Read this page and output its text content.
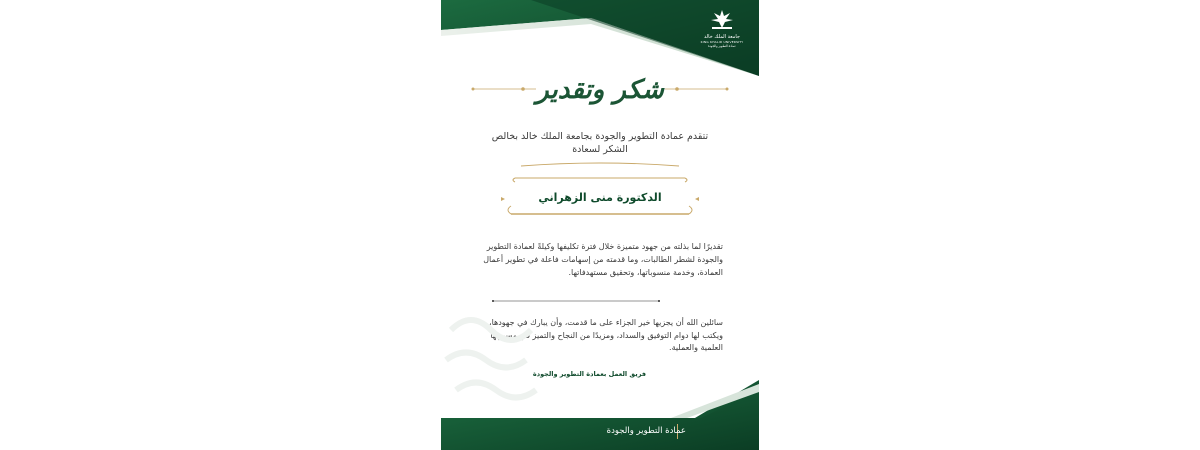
جامعة الملك خالد
KING KHALID UNIVERSITY
عمادة التطوير والجودة
شكر وتقدير
تتقدم عمادة التطوير والجودة بجامعة الملك خالد بخالص الشكر لسعادة
الدكتورة منى الزهراني
تقديرًا لما بذلته من جهود متميزة خلال فترة تكليفها وكيلةً لعمادة التطوير والجودة لشطر الطالبات، وما قدمته من إسهامات فاعلة في تطوير أعمال العمادة، وخدمة منسوباتها، وتحقيق مستهدفاتها.
سائلين الله أن يجزيها خير الجزاء على ما قدمت، وأن يبارك في جهودها، ويكتب لها دوام التوفيق والسداد، ومزيدًا من النجاح والتميز في مسيرتها العلمية والعملية.
فريق العمل بعمادة التطوير والجودة
عمادة التطوير والجودة
